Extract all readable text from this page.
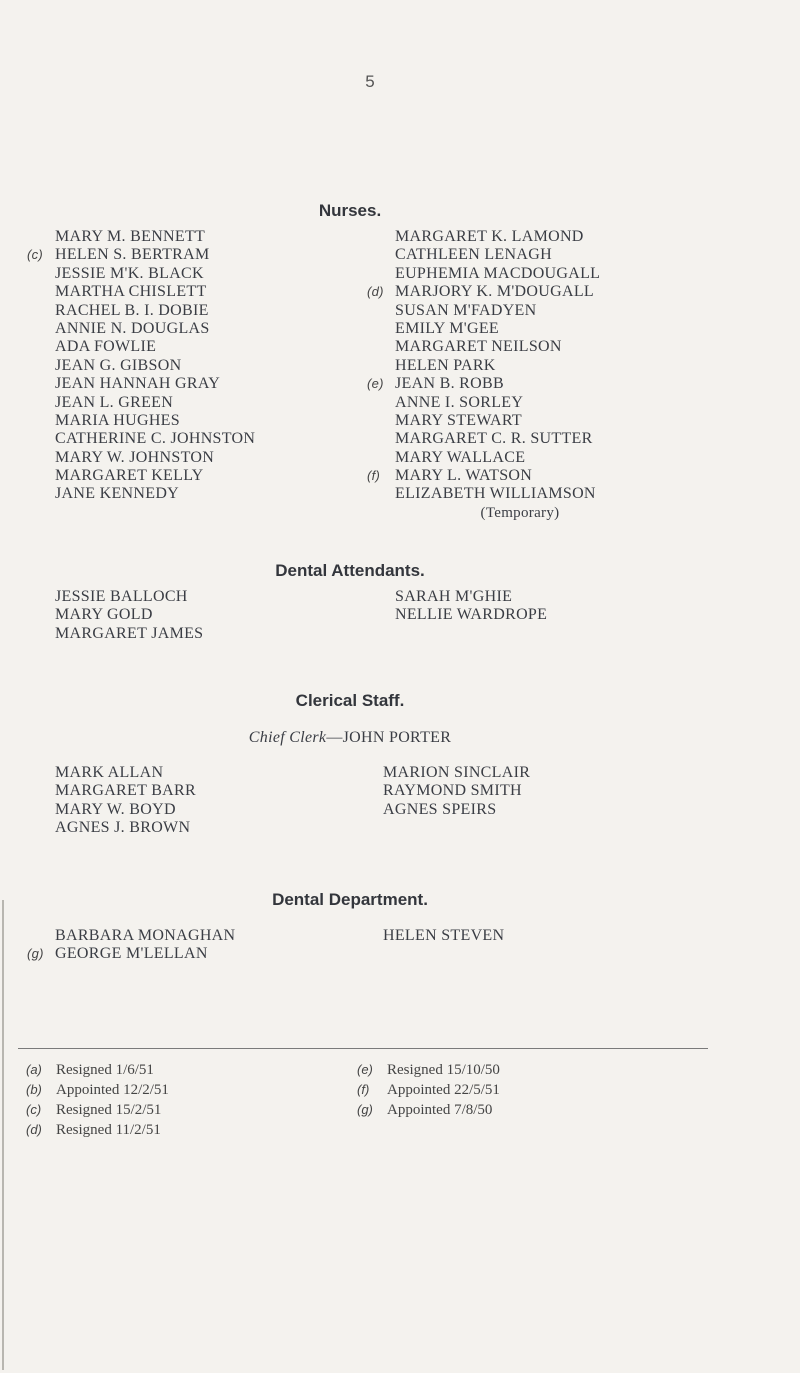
5
Nurses.
MARY M. BENNETT
(c) HELEN S. BERTRAM
JESSIE M'K. BLACK
MARTHA CHISLETT
RACHEL B. I. DOBIE
ANNIE N. DOUGLAS
ADA FOWLIE
JEAN G. GIBSON
JEAN HANNAH GRAY
JEAN L. GREEN
MARIA HUGHES
CATHERINE C. JOHNSTON
MARY W. JOHNSTON
MARGARET KELLY
JANE KENNEDY
MARGARET K. LAMOND
CATHLEEN LENAGH
EUPHEMIA MACDOUGALL
(d) MARJORY K. M'DOUGALL
SUSAN M'FADYEN
EMILY M'GEE
MARGARET NEILSON
HELEN PARK
(e) JEAN B. ROBB
ANNE I. SORLEY
MARY STEWART
MARGARET C. R. SUTTER
MARY WALLACE
(f) MARY L. WATSON
ELIZABETH WILLIAMSON
(Temporary)
Dental Attendants.
JESSIE BALLOCH
MARY GOLD
MARGARET JAMES
SARAH M'GHIE
NELLIE WARDROPE
Clerical Staff.
Chief Clerk—JOHN PORTER
MARK ALLAN
MARGARET BARR
MARY W. BOYD
AGNES J. BROWN
MARION SINCLAIR
RAYMOND SMITH
AGNES SPEIRS
Dental Department.
BARBARA MONAGHAN
(g) GEORGE M'LELLAN
HELEN STEVEN
(a) Resigned 1/6/51
(b) Appointed 12/2/51
(c) Resigned 15/2/51
(d) Resigned 11/2/51
(e) Resigned 15/10/50
(f) Appointed 22/5/51
(g) Appointed 7/8/50
